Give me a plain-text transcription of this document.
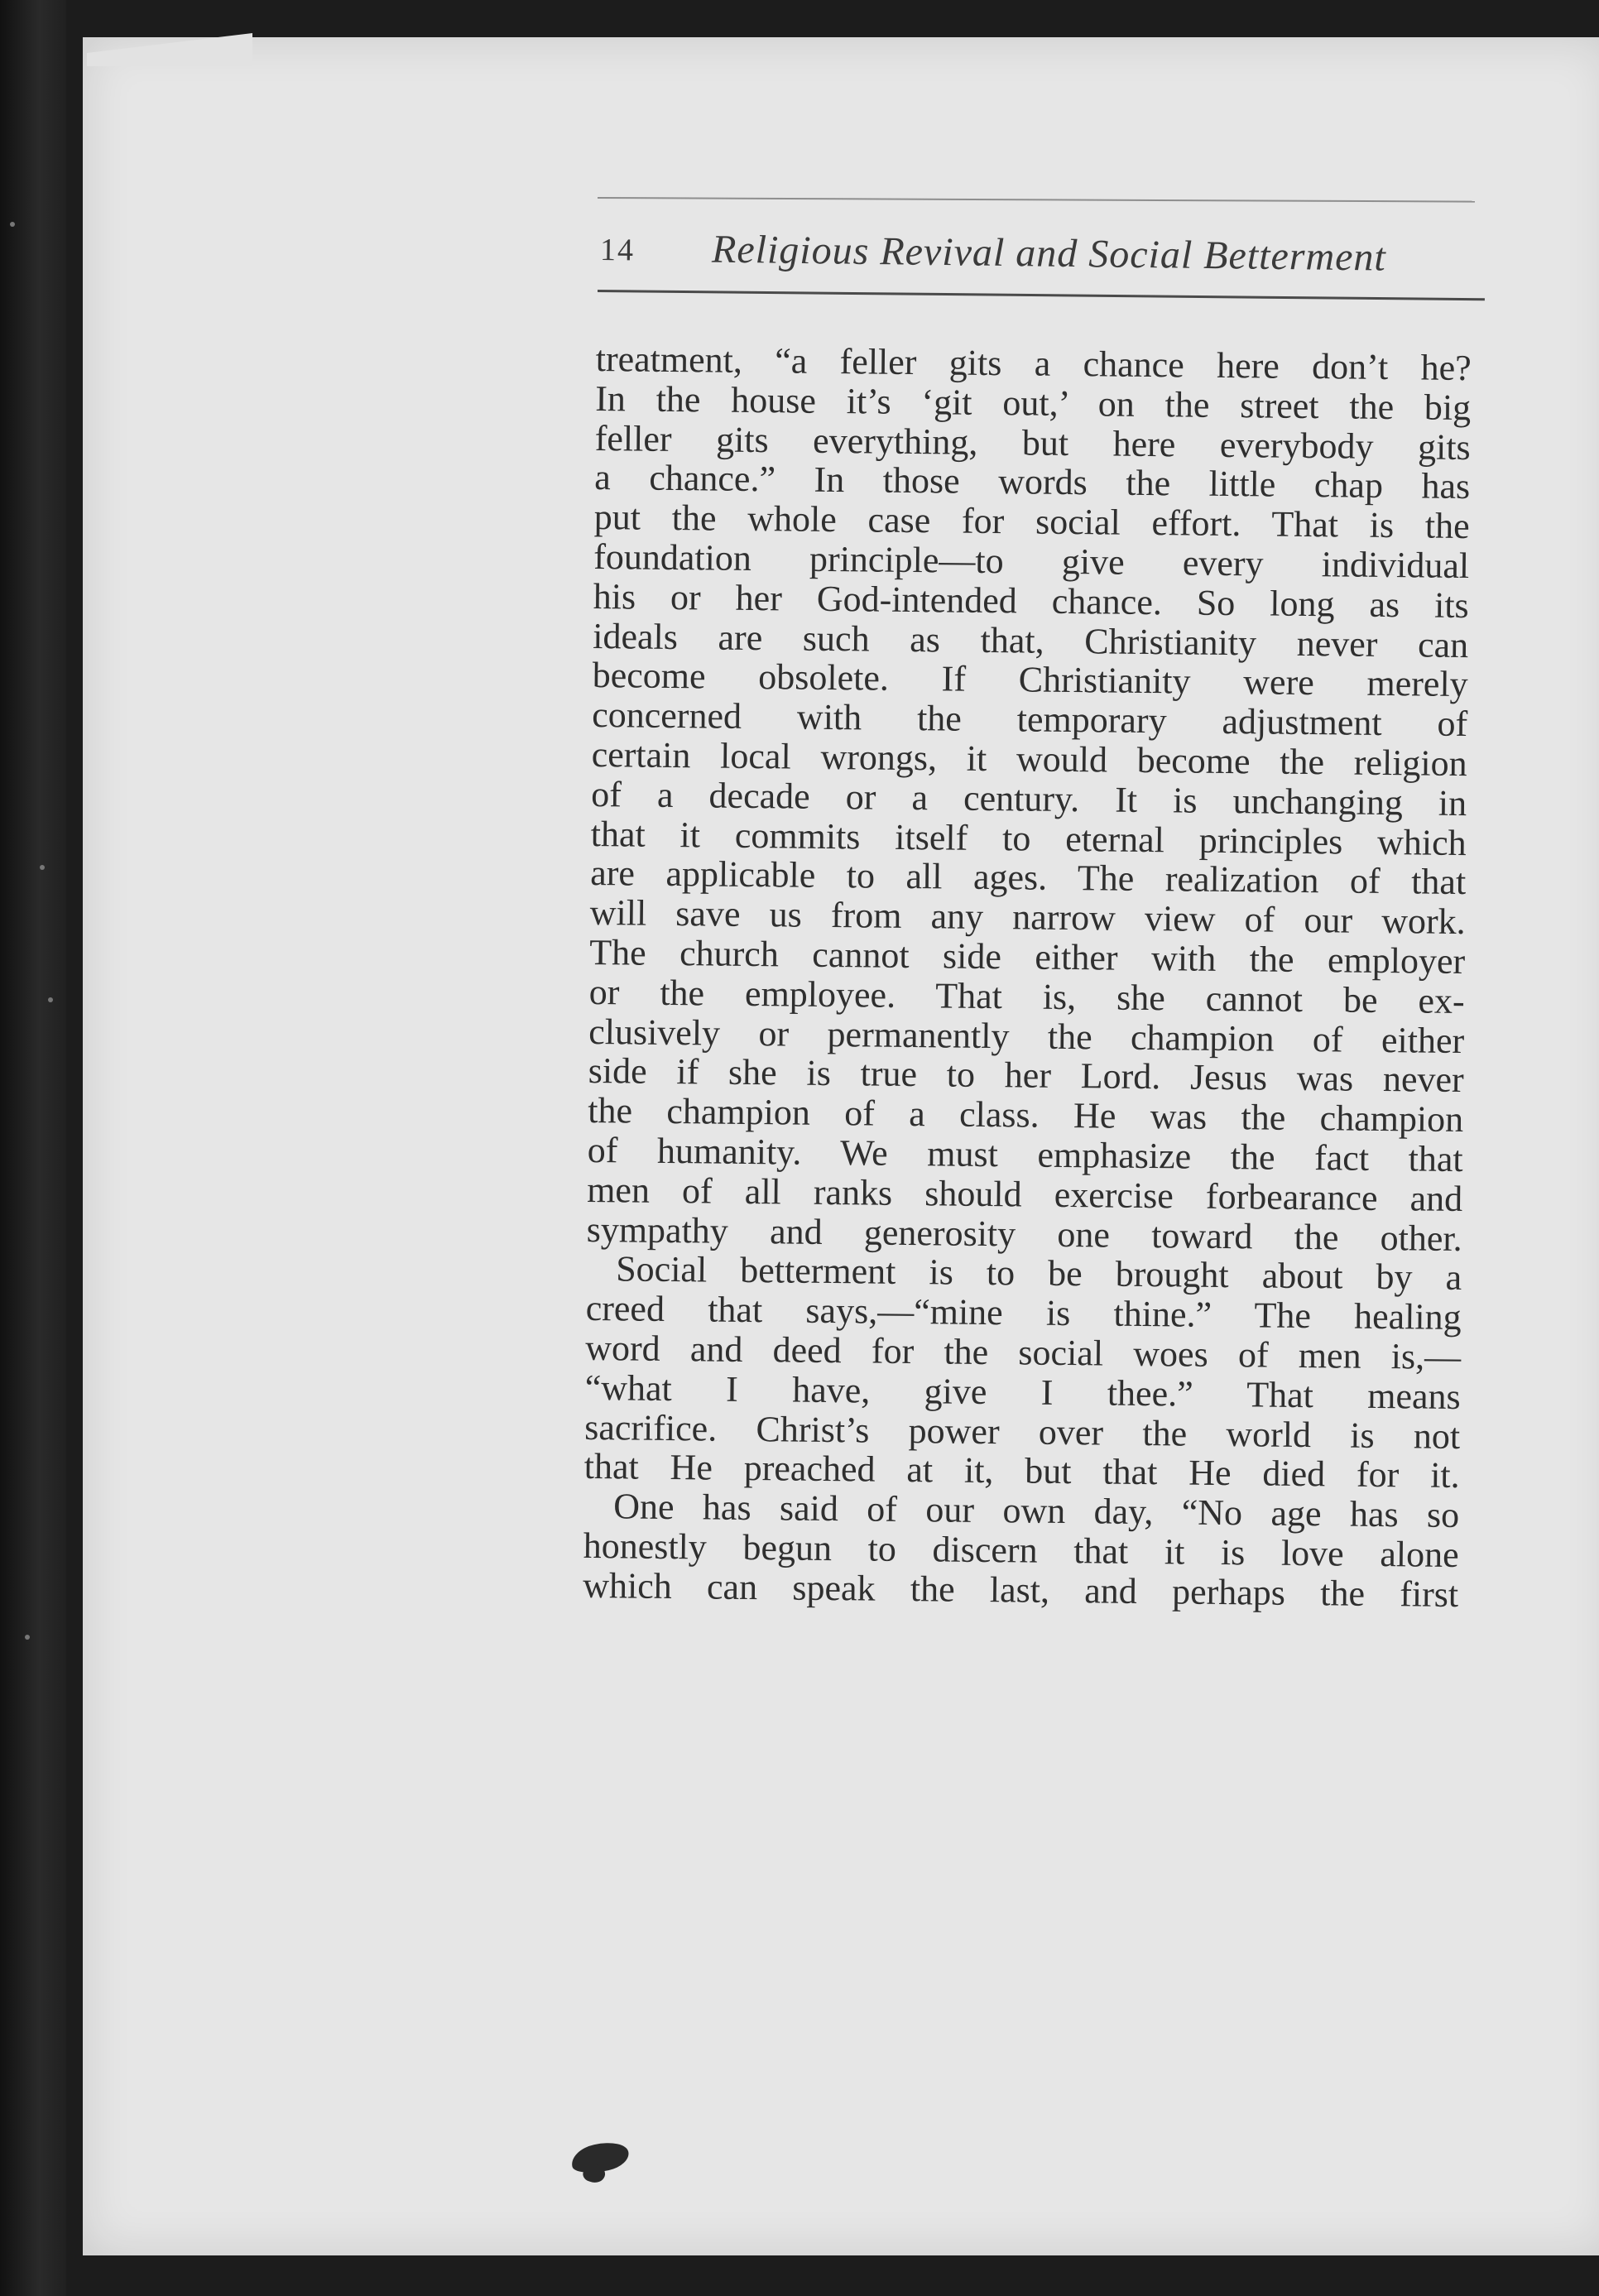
14 Religious Revival and Social Betterment
treatment, “a feller gits a chance here don’t he?
In the house it’s ‘git out,’ on the street the big
feller gits everything, but here everybody gits
a chance.” In those words the little chap has
put the whole case for social effort. That is the
foundation principle—to give every individual
his or her God-intended chance. So long as its
ideals are such as that, Christianity never can
become obsolete. If Christianity were merely
concerned with the temporary adjustment of
certain local wrongs, it would become the religion
of a decade or a century. It is unchanging in
that it commits itself to eternal principles which
are applicable to all ages. The realization of that
will save us from any narrow view of our work.
The church cannot side either with the employer
or the employee. That is, she cannot be ex-
clusively or permanently the champion of either
side if she is true to her Lord. Jesus was never
the champion of a class. He was the champion
of humanity. We must emphasize the fact that
men of all ranks should exercise forbearance and
sympathy and generosity one toward the other.
Social betterment is to be brought about by a
creed that says,—“mine is thine.” The healing
word and deed for the social woes of men is,—
“what I have, give I thee.” That means
sacrifice. Christ’s power over the world is not
that He preached at it, but that He died for it.
One has said of our own day, “No age has so
honestly begun to discern that it is love alone
which can speak the last, and perhaps the first
